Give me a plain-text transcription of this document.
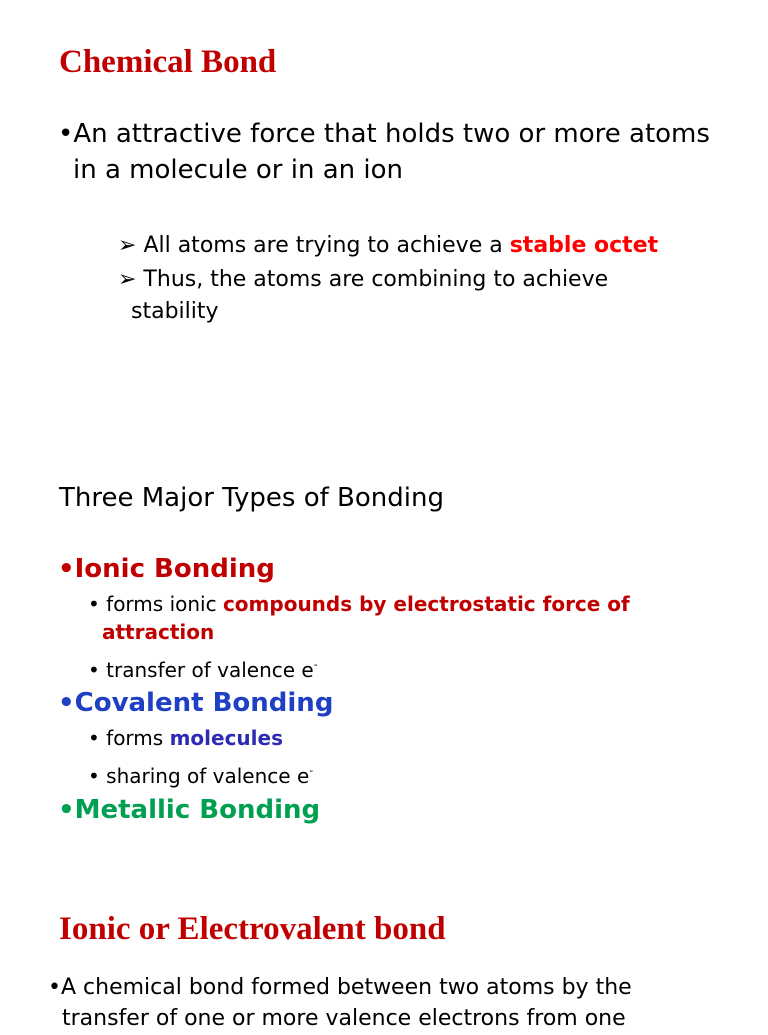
Chemical Bond
•An attractive force that holds two or more atoms
in a molecule or in an ion
➢ All atoms are trying to achieve a stable octet
➢ Thus, the atoms are combining to achieve
stability
Three Major Types of Bonding
•Ionic Bonding
• forms ionic compounds by electrostatic force of
attraction
• transfer of valence e-
•Covalent Bonding
• forms molecules
• sharing of valence e-
•Metallic Bonding
Ionic or Electrovalent bond
•A chemical bond formed between two atoms by the
transfer of one or more valence electrons from one
